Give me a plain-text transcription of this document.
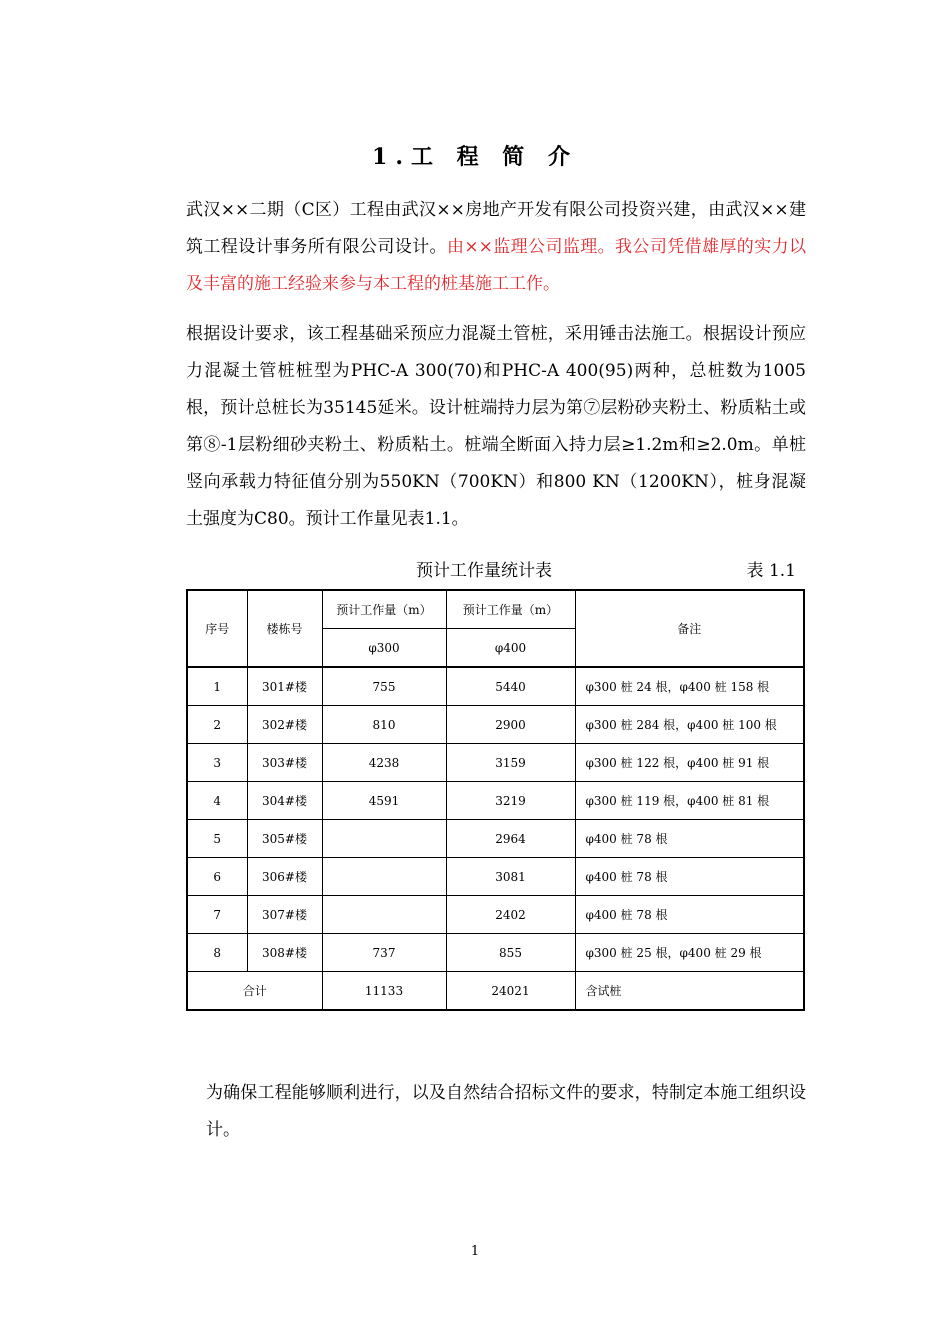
1.工 程 简 介

武汉××二期（C区）工程由武汉××房地产开发有限公司投资兴建，由武汉××建筑工程设计事务所有限公司设计。由××监理公司监理。我公司凭借雄厚的实力以及丰富的施工经验来参与本工程的桩基施工工作。

根据设计要求，该工程基础采预应力混凝土管桩，采用锤击法施工。根据设计预应力混凝土管桩桩型为PHC-A 300(70)和PHC-A 400(95)两种，总桩数为1005根，预计总桩长为35145延米。设计桩端持力层为第⑦层粉砂夹粉土、粉质粘土或第⑧-1层粉细砂夹粉土、粉质粘土。桩端全断面入持力层≥1.2m和≥2.0m。单桩竖向承载力特征值分别为550KN（700KN）和800 KN（1200KN），桩身混凝土强度为C80。预计工作量见表1.1。

预计工作量统计表	表 1.1
序号	楼栋号	预计工作量（m）	预计工作量（m）	备注
		φ300	φ400	
1	301#楼	755	5440	φ300 桩 24 根，φ400 桩 158 根
2	302#楼	810	2900	φ300 桩 284 根，φ400 桩 100 根
3	303#楼	4238	3159	φ300 桩 122 根，φ400 桩 91 根
4	304#楼	4591	3219	φ300 桩 119 根，φ400 桩 81 根
5	305#楼		2964	φ400 桩 78 根
6	306#楼		3081	φ400 桩 78 根
7	307#楼		2402	φ400 桩 78 根
8	308#楼	737	855	φ300 桩 25 根，φ400 桩 29 根
合计		11133	24021	含试桩

为确保工程能够顺利进行，以及自然结合招标文件的要求，特制定本施工组织设计。

1
